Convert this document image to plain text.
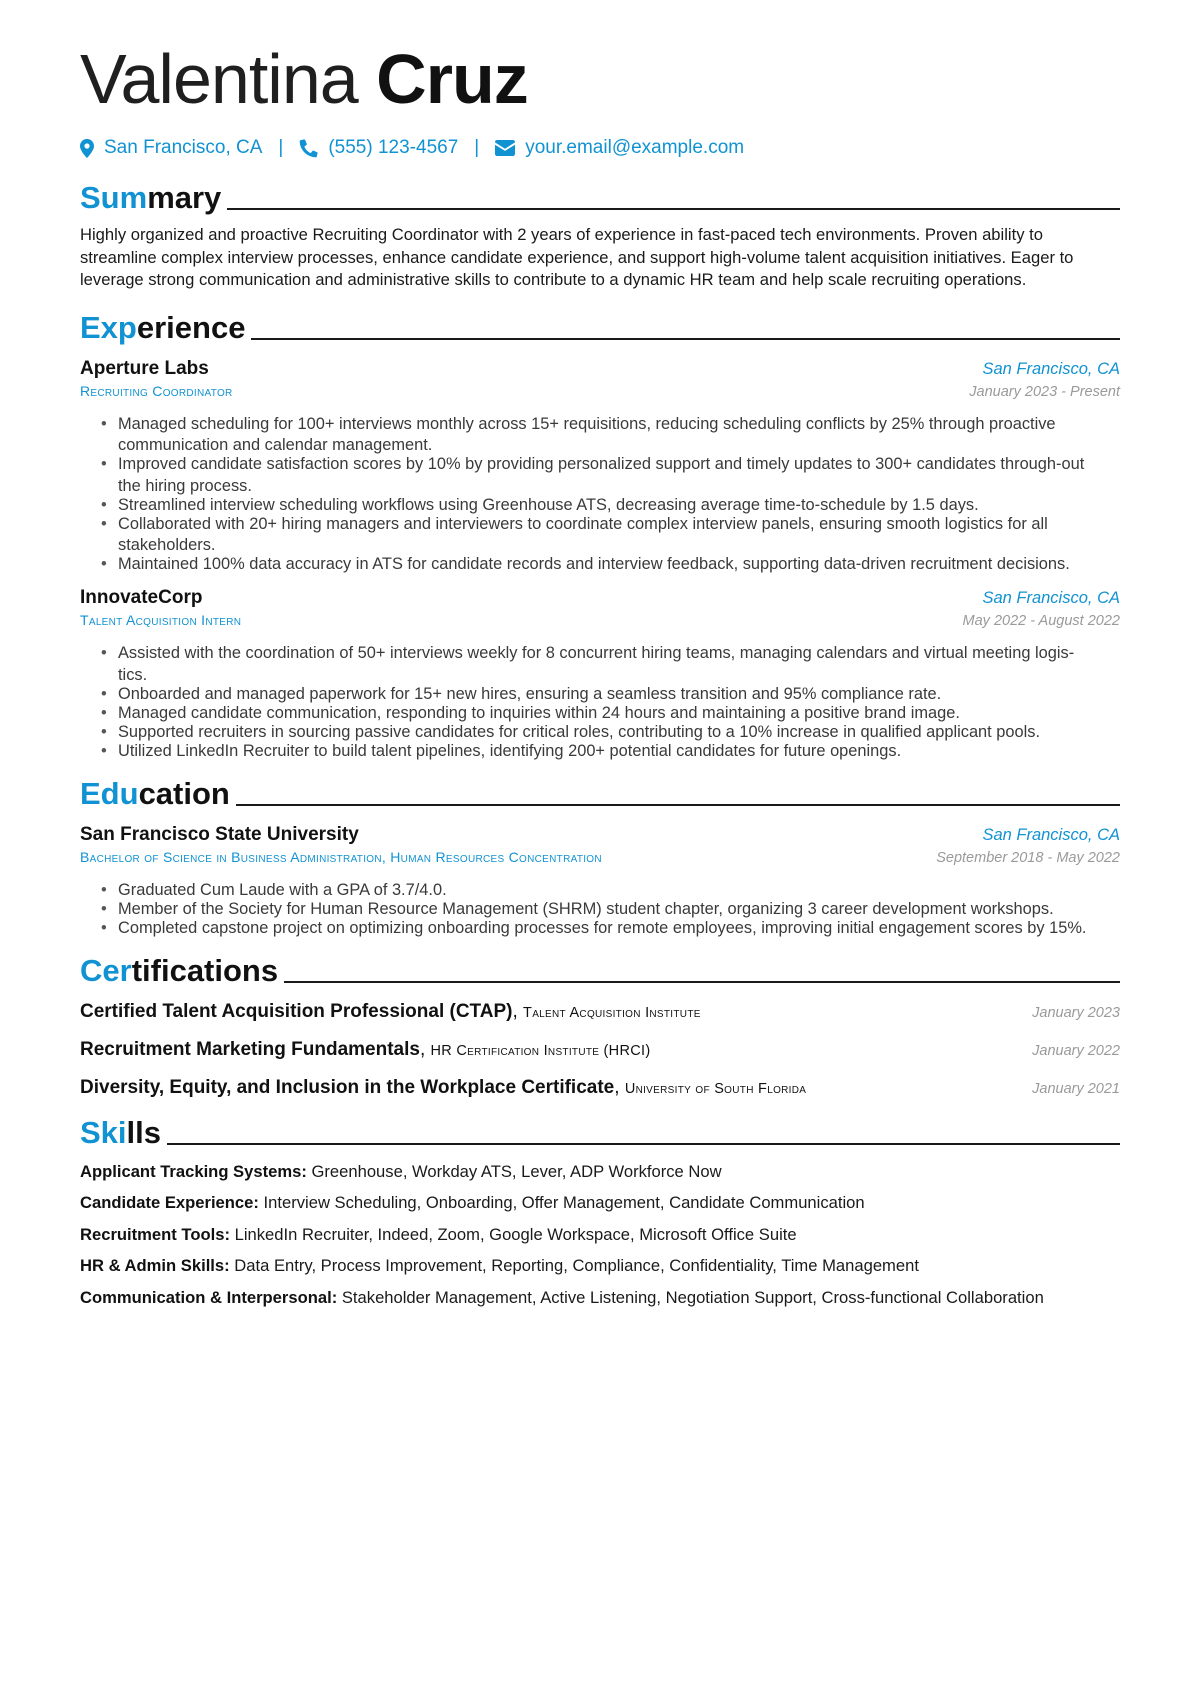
Valentina Cruz
San Francisco, CA | (555) 123-4567 | your.email@example.com
Summary
Highly organized and proactive Recruiting Coordinator with 2 years of experience in fast-paced tech environments. Proven ability to streamline complex interview processes, enhance candidate experience, and support high-volume talent acquisition initiatives. Eager to leverage strong communication and administrative skills to contribute to a dynamic HR team and help scale recruiting operations.
Experience
Aperture Labs	San Francisco, CA
Recruiting Coordinator	January 2023 - Present
• Managed scheduling for 100+ interviews monthly across 15+ requisitions, reducing scheduling conflicts by 25% through proactive communication and calendar management.
• Improved candidate satisfaction scores by 10% by providing personalized support and timely updates to 300+ candidates through-out the hiring process.
• Streamlined interview scheduling workflows using Greenhouse ATS, decreasing average time-to-schedule by 1.5 days.
• Collaborated with 20+ hiring managers and interviewers to coordinate complex interview panels, ensuring smooth logistics for all stakeholders.
• Maintained 100% data accuracy in ATS for candidate records and interview feedback, supporting data-driven recruitment decisions.
InnovateCorp	San Francisco, CA
Talent Acquisition Intern	May 2022 - August 2022
• Assisted with the coordination of 50+ interviews weekly for 8 concurrent hiring teams, managing calendars and virtual meeting logis-tics.
• Onboarded and managed paperwork for 15+ new hires, ensuring a seamless transition and 95% compliance rate.
• Managed candidate communication, responding to inquiries within 24 hours and maintaining a positive brand image.
• Supported recruiters in sourcing passive candidates for critical roles, contributing to a 10% increase in qualified applicant pools.
• Utilized LinkedIn Recruiter to build talent pipelines, identifying 200+ potential candidates for future openings.
Education
San Francisco State University	San Francisco, CA
Bachelor of Science in Business Administration, Human Resources Concentration	September 2018 - May 2022
• Graduated Cum Laude with a GPA of 3.7/4.0.
• Member of the Society for Human Resource Management (SHRM) student chapter, organizing 3 career development workshops.
• Completed capstone project on optimizing onboarding processes for remote employees, improving initial engagement scores by 15%.
Certifications
Certified Talent Acquisition Professional (CTAP), Talent Acquisition Institute	January 2023
Recruitment Marketing Fundamentals, HR Certification Institute (HRCI)	January 2022
Diversity, Equity, and Inclusion in the Workplace Certificate, University of South Florida	January 2021
Skills
Applicant Tracking Systems: Greenhouse, Workday ATS, Lever, ADP Workforce Now
Candidate Experience: Interview Scheduling, Onboarding, Offer Management, Candidate Communication
Recruitment Tools: LinkedIn Recruiter, Indeed, Zoom, Google Workspace, Microsoft Office Suite
HR & Admin Skills: Data Entry, Process Improvement, Reporting, Compliance, Confidentiality, Time Management
Communication & Interpersonal: Stakeholder Management, Active Listening, Negotiation Support, Cross-functional Collaboration
